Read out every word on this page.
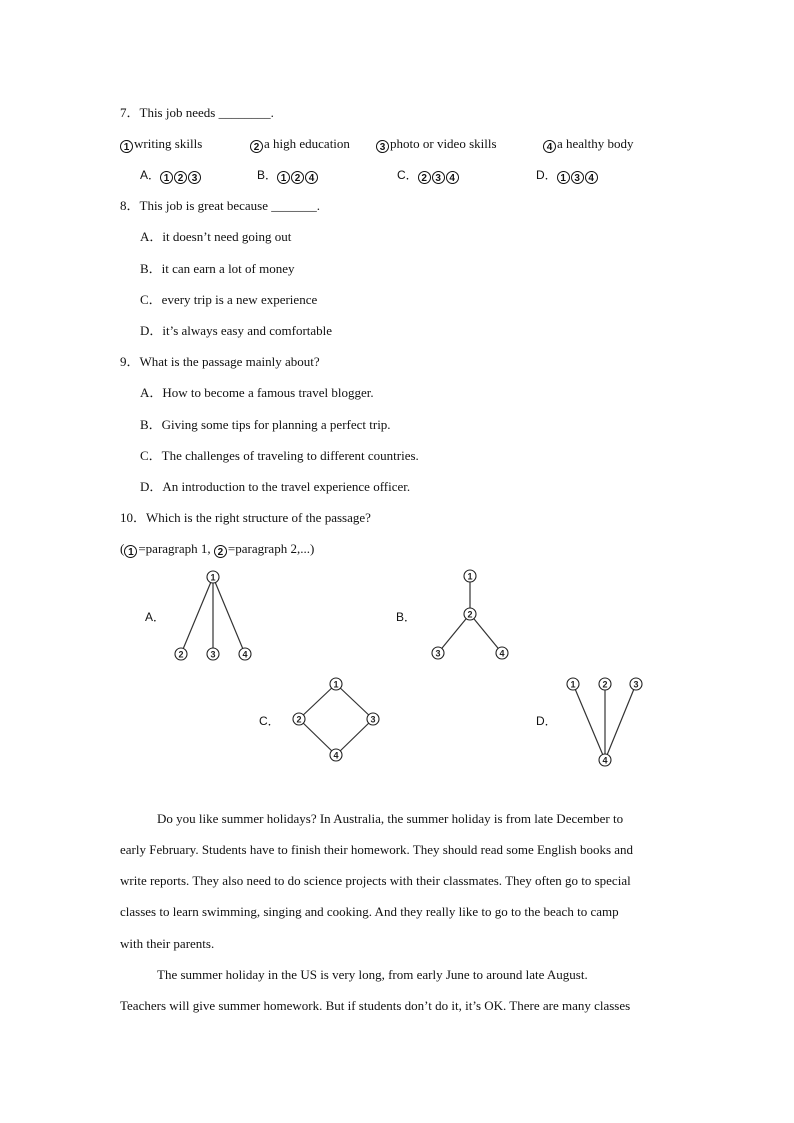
7．This job needs ________.
1 writing skills	2 a high education	3 photo or video skills	4 a healthy body
A． 1 2 3	B． 1 2 4	C． 2 3 4	D． 1 3 4
8．This job is great because _______.
A．it doesn’t need going out
B．it can earn a lot of money
C．every trip is a new experience
D．it’s always easy and comfortable
9．What is the passage mainly about?
A．How to become a famous travel blogger.
B．Giving some tips for planning a perfect trip.
C．The challenges of traveling to different countries.
D．An introduction to the travel experience officer.
10．Which is the right structure of the passage?
( 1 =paragraph 1, 2 =paragraph 2,...)
A．	B．
C．	D．
1
2	3	4
1
2
3	4
1
2	3
4
1	2	3
4
Do you like summer holidays? In Australia, the summer holiday is from late December to
early February. Students have to finish their homework. They should read some English books and
write reports. They also need to do science projects with their classmates. They often go to special
classes to learn swimming, singing and cooking. And they really like to go to the beach to camp
with their parents.
The summer holiday in the US is very long, from early June to around late August.
Teachers will give summer homework. But if students don’t do it, it’s OK. There are many classes
